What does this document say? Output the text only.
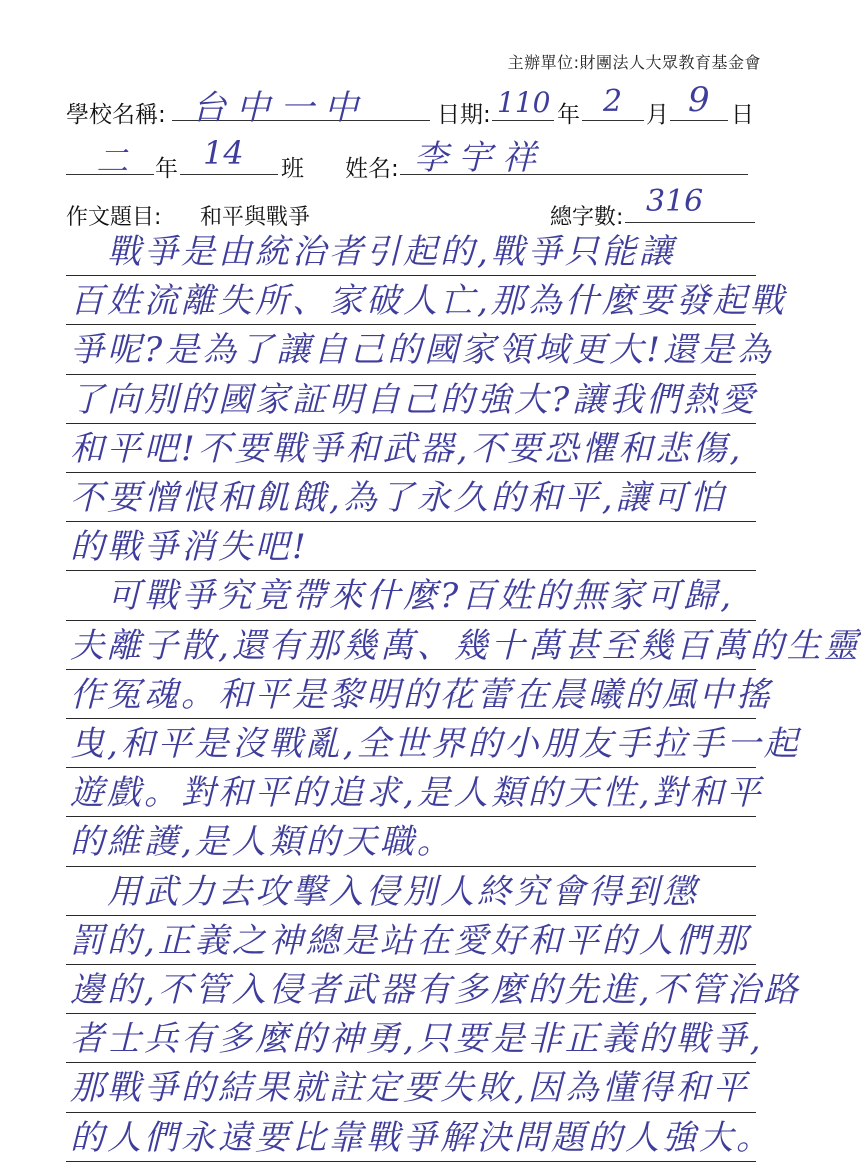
主辦單位:財團法人大眾教育基金會
學校名稱: 台中一中	日期: 110 年 2 月 9 日
二 年 14 班 姓名: 李宇祥
作文題目: 和平與戰爭	總字數: 316
　戰爭是由統治者引起的,戰爭只能讓
百姓流離失所、家破人亡,那為什麼要發起戰
爭呢?是為了讓自己的國家領域更大!還是為
了向別的國家証明自己的強大?讓我們熱愛
和平吧!不要戰爭和武器,不要恐懼和悲傷,
不要憎恨和飢餓,為了永久的和平,讓可怕
的戰爭消失吧!
　可戰爭究竟帶來什麼?百姓的無家可歸,
夫離子散,還有那幾萬、幾十萬甚至幾百萬的生靈
作冤魂。和平是黎明的花蕾在晨曦的風中搖
曳,和平是沒戰亂,全世界的小朋友手拉手一起
遊戲。對和平的追求,是人類的天性,對和平
的維護,是人類的天職。
　用武力去攻擊入侵別人終究會得到懲
罰的,正義之神總是站在愛好和平的人們那
邊的,不管入侵者武器有多麼的先進,不管治路
者士兵有多麼的神勇,只要是非正義的戰爭,
那戰爭的結果就註定要失敗,因為懂得和平
的人們永遠要比靠戰爭解決問題的人強大。
